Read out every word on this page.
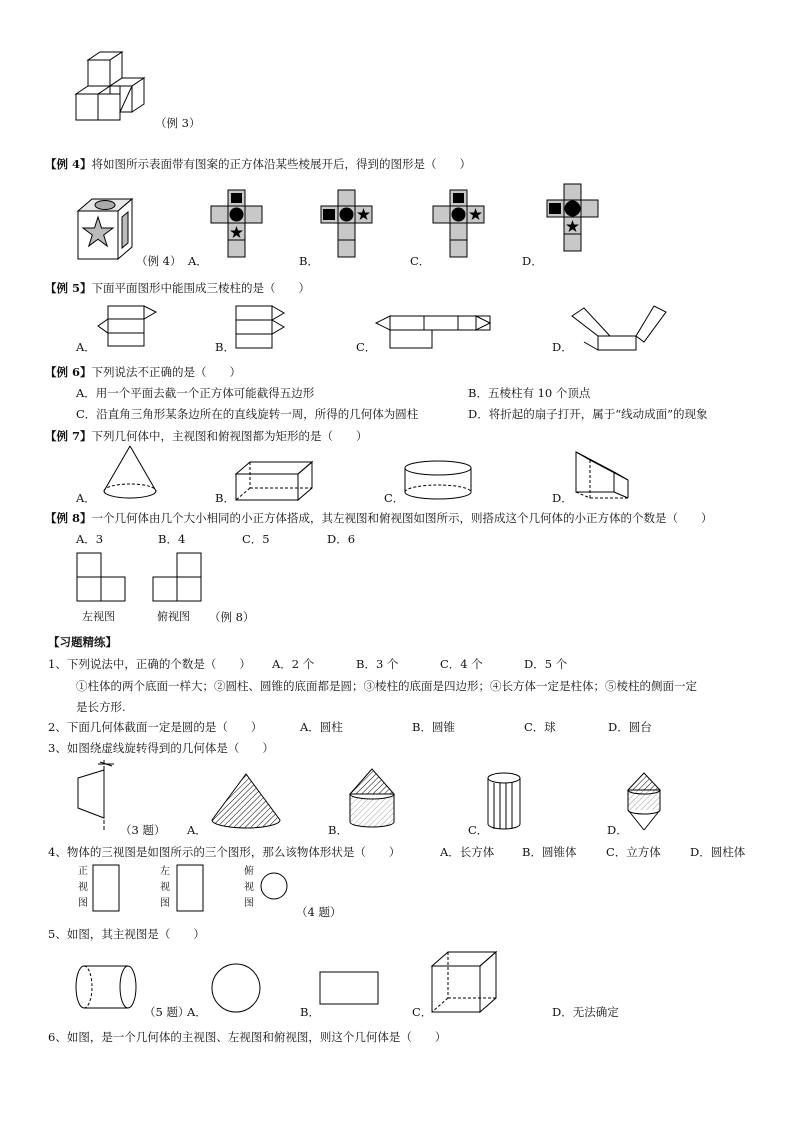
（例 3）
【例 4】将如图所示表面带有图案的正方体沿某些棱展开后，得到的图形是（　　）
（例 4） A．	B．	C．	D．
【例 5】下面平面图形中能围成三棱柱的是（　　）
A．	B．	C．	D．
【例 6】下列说法不正确的是（　　）
A．用一个平面去截一个正方体可能截得五边形	B．五棱柱有 10 个顶点
C．沿直角三角形某条边所在的直线旋转一周，所得的几何体为圆柱	D．将折起的扇子打开，属于“线动成面”的现象
【例 7】下列几何体中，主视图和俯视图都为矩形的是（　　）
A．	B．	C．	D．
【例 8】一个几何体由几个大小相同的小正方体搭成，其左视图和俯视图如图所示，则搭成这个几何体的小正方体的个数是（　　）
A．3	B．4	C．5	D．6
左视图	俯视图 （例 8）
【习题精练】
1、下列说法中，正确的个数是（　　） A．2 个	B．3 个	C．4 个	D．5 个
①柱体的两个底面一样大；②圆柱、圆锥的底面都是圆；③棱柱的底面是四边形；④长方体一定是柱体；⑤棱柱的侧面一定
是长方形.
2、下面几何体截面一定是圆的是（　　）	A．圆柱	B．圆锥	C．球	D．圆台
3、如图绕虚线旋转得到的几何体是（　　）
（3 题） A．	B．	C．	D．
4、物体的三视图是如图所示的三个图形，那么该物体形状是（　　）	A．长方体 B．圆锥体	C．立方体	D．圆柱体
正视图
左视图
俯视图
（4 题）
5、如图，其主视图是（　　）
（5 题）
A．	B．	C．	D．无法确定
6、如图，是一个几何体的主视图、左视图和俯视图，则这个几何体是（　　）
